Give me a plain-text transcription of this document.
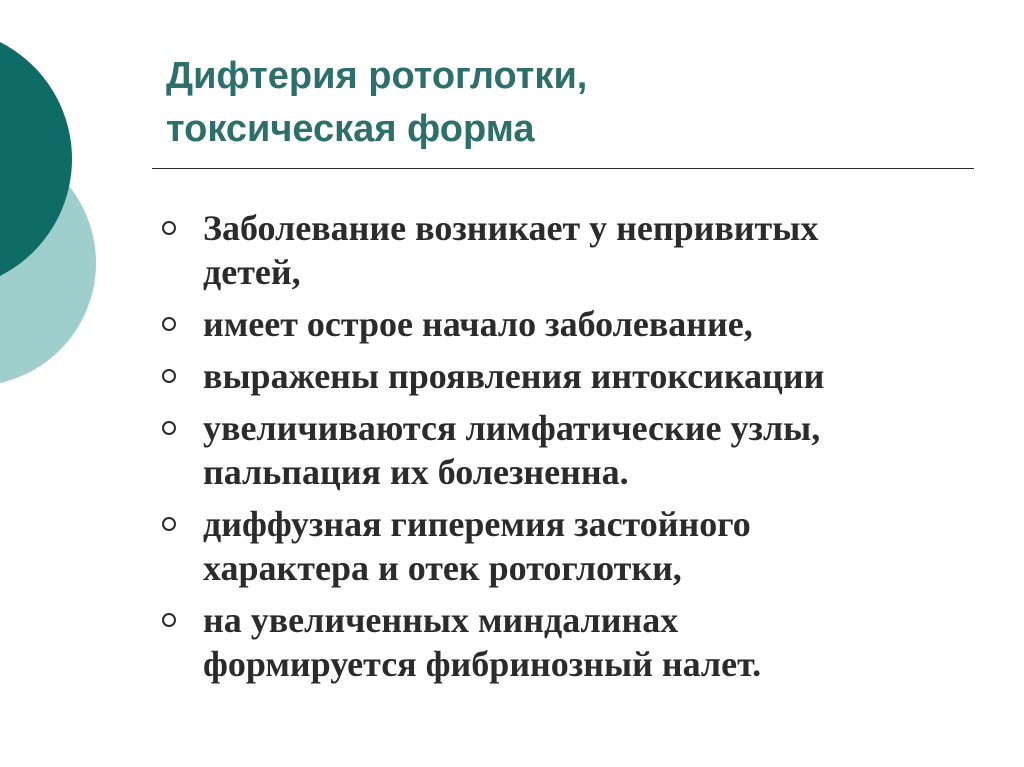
Дифтерия ротоглотки,
токсическая форма
Заболевание возникает у непривитых
детей,
имеет острое начало заболевание,
выражены проявления интоксикации
увеличиваются лимфатические узлы,
пальпация их болезненна.
диффузная гиперемия застойного
характера и отек ротоглотки,
на увеличенных миндалинах
формируется фибринозный налет.
